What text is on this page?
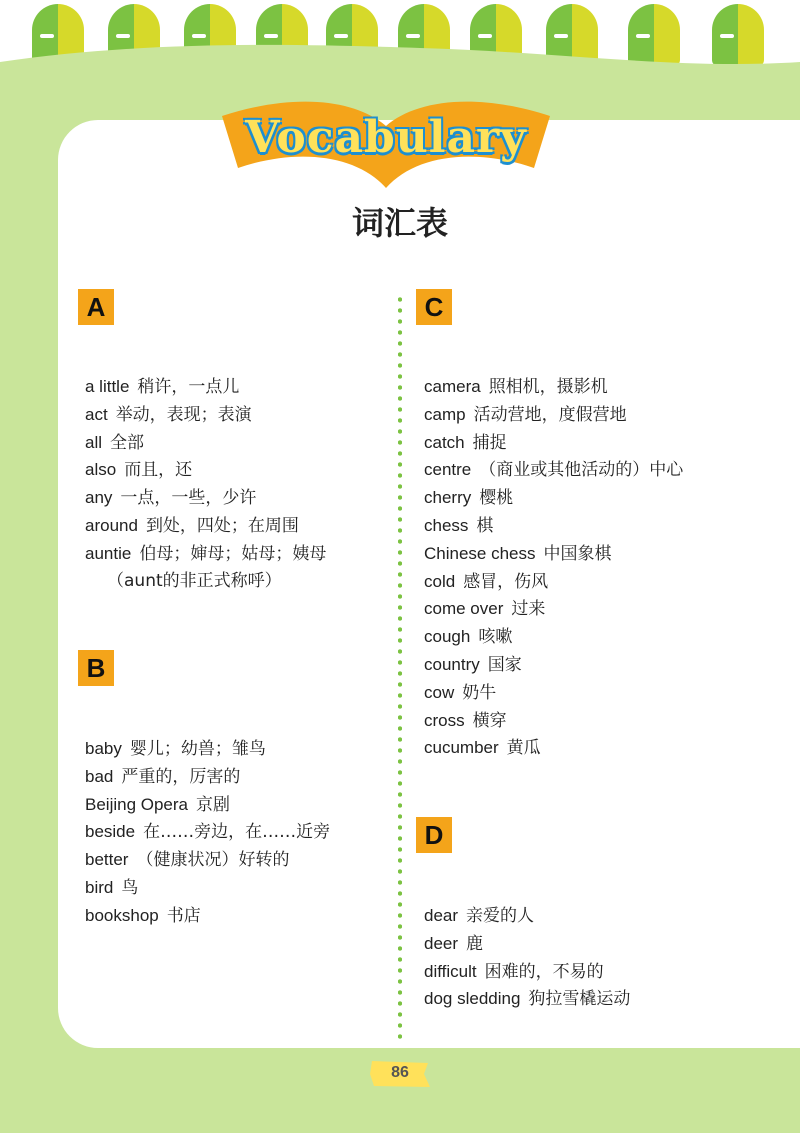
Vocabulary
词汇表
A
a little 稍许，一点儿
act 举动，表现；表演
all 全部
also 而且，还
any 一点，一些，少许
around 到处，四处；在周围
auntie 伯母；婶母；姑母；姨母
（aunt的非正式称呼）
B
baby 婴儿；幼兽；雏鸟
bad 严重的，厉害的
Beijing Opera 京剧
beside 在……旁边，在……近旁
better （健康状况）好转的
bird 鸟
bookshop 书店
C
camera 照相机，摄影机
camp 活动营地，度假营地
catch 捕捉
centre （商业或其他活动的）中心
cherry 樱桃
chess 棋
Chinese chess 中国象棋
cold 感冒，伤风
come over 过来
cough 咳嗽
country 国家
cow 奶牛
cross 横穿
cucumber 黄瓜
D
dear 亲爱的人
deer 鹿
difficult 困难的，不易的
dog sledding 狗拉雪橇运动
86
